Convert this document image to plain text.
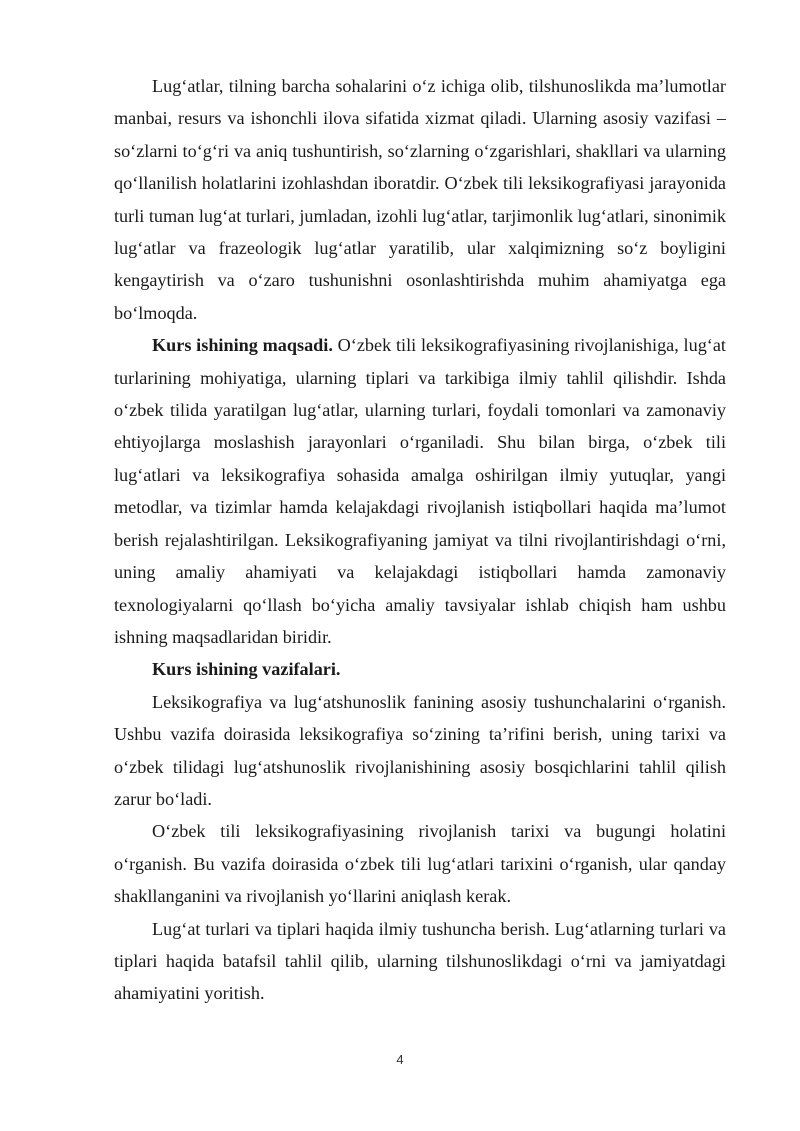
Lug‘atlar, tilning barcha sohalarini o‘z ichiga olib, tilshunoslikda ma’lumotlar manbai, resurs va ishonchli ilova sifatida xizmat qiladi. Ularning asosiy vazifasi – so‘zlarni to‘g‘ri va aniq tushuntirish, so‘zlarning o‘zgarishlari, shakllari va ularning qo‘llanilish holatlarini izohlashdan iboratdir. O‘zbek tili leksikografiyasi jarayonida turli tuman lug‘at turlari, jumladan, izohli lug‘atlar, tarjimonlik lug‘atlari, sinonimik lug‘atlar va frazeologik lug‘atlar yaratilib, ular xalqimizning so‘z boyligini kengaytirish va o‘zaro tushunishni osonlashtirishda muhim ahamiyatga ega bo‘lmoqda.

Kurs ishining maqsadi. O‘zbek tili leksikografiyasining rivojlanishiga, lug‘at turlarining mohiyatiga, ularning tiplari va tarkibiga ilmiy tahlil qilishdir. Ishda o‘zbek tilida yaratilgan lug‘atlar, ularning turlari, foydali tomonlari va zamonaviy ehtiyojlarga moslashish jarayonlari o‘rganiladi. Shu bilan birga, o‘zbek tili lug‘atlari va leksikografiya sohasida amalga oshirilgan ilmiy yutuqlar, yangi metodlar, va tizimlar hamda kelajakdagi rivojlanish istiqbollari haqida ma’lumot berish rejalashtirilgan. Leksikografiyaning jamiyat va tilni rivojlantirishdagi o‘rni, uning amaliy ahamiyati va kelajakdagi istiqbollari hamda zamonaviy texnologiyalarni qo‘llash bo‘yicha amaliy tavsiyalar ishlab chiqish ham ushbu ishning maqsadlaridan biridir.

Kurs ishining vazifalari.

Leksikografiya va lug‘atshunoslik fanining asosiy tushunchalarini o‘rganish. Ushbu vazifa doirasida leksikografiya so‘zining ta’rifini berish, uning tarixi va o‘zbek tilidagi lug‘atshunoslik rivojlanishining asosiy bosqichlarini tahlil qilish zarur bo‘ladi.

O‘zbek tili leksikografiyasining rivojlanish tarixi va bugungi holatini o‘rganish. Bu vazifa doirasida o‘zbek tili lug‘atlari tarixini o‘rganish, ular qanday shakllanganini va rivojlanish yo‘llarini aniqlash kerak.

Lug‘at turlari va tiplari haqida ilmiy tushuncha berish. Lug‘atlarning turlari va tiplari haqida batafsil tahlil qilib, ularning tilshunoslikdagi o‘rni va jamiyatdagi ahamiyatini yoritish.

4
